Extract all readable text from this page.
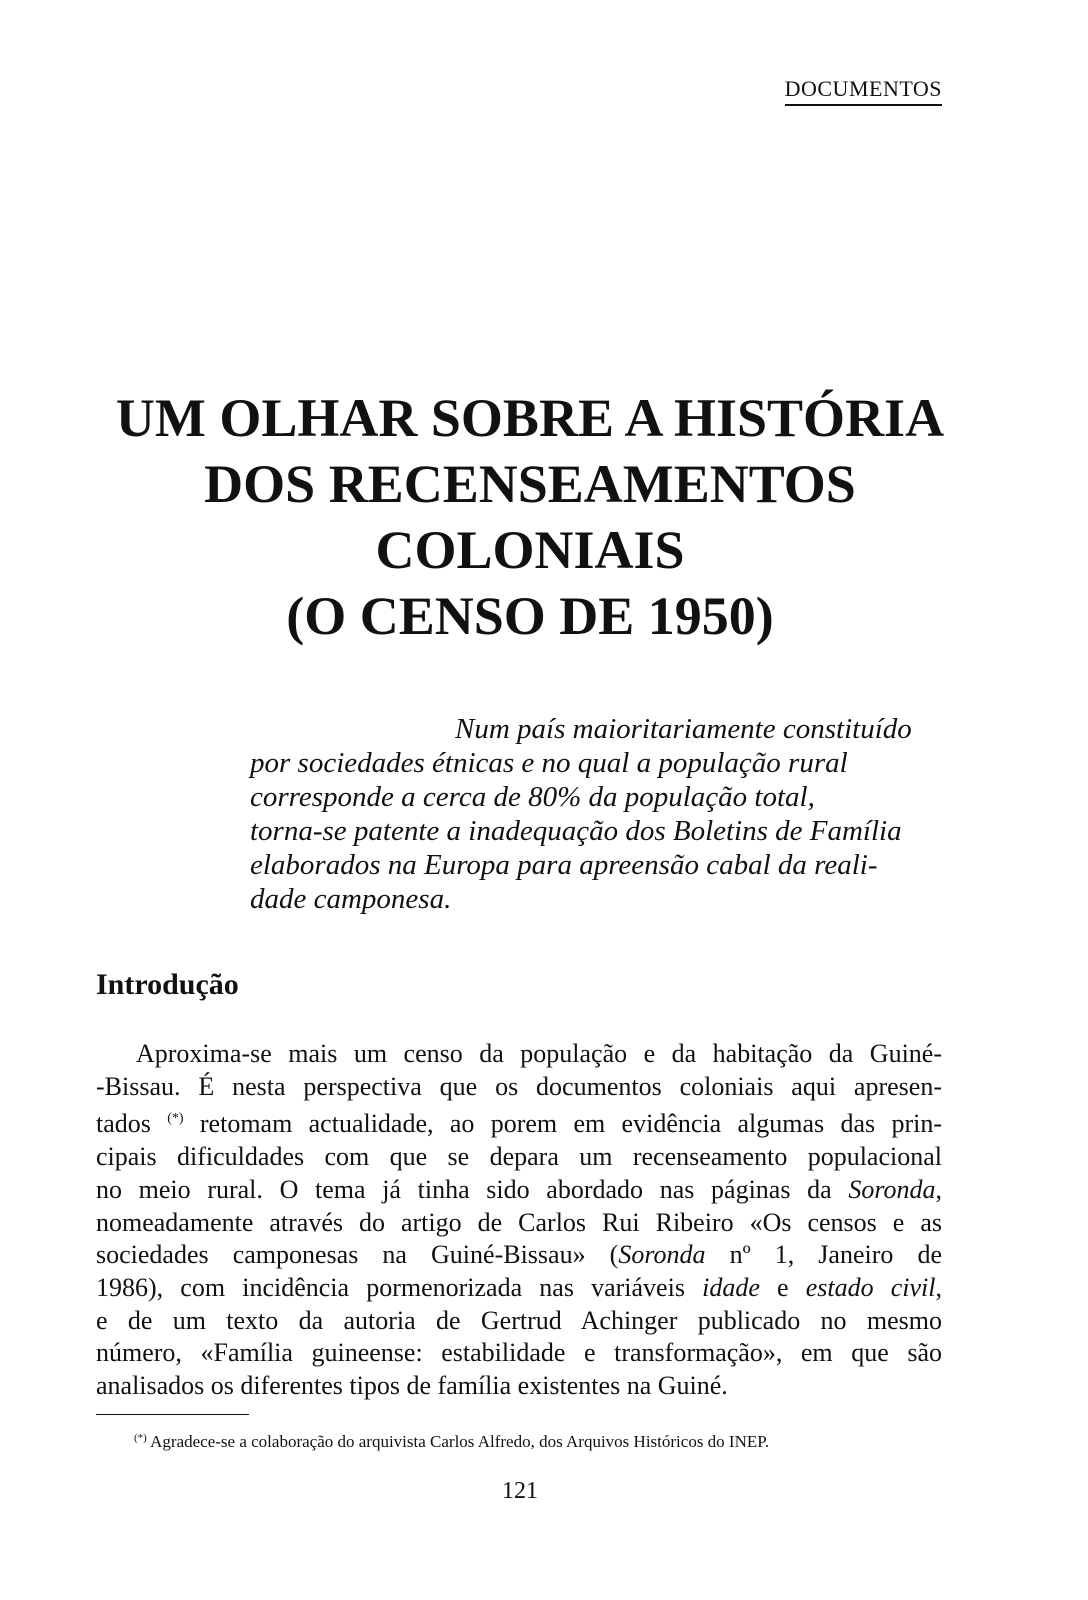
DOCUMENTOS
UM OLHAR SOBRE A HISTÓRIA
DOS RECENSEAMENTOS
COLONIAIS
(O CENSO DE 1950)

Num país maioritariamente constituído
por sociedades étnicas e no qual a população rural
corresponde a cerca de 80% da população total,
torna-se patente a inadequação dos Boletins de Família
elaborados na Europa para apreensão cabal da reali-
dade camponesa.

Introdução

Aproxima-se mais um censo da população e da habitação da Guiné-
-Bissau. É nesta perspectiva que os documentos coloniais aqui apresen-
tados (*) retomam actualidade, ao porem em evidência algumas das prin-
cipais dificuldades com que se depara um recenseamento populacional
no meio rural. O tema já tinha sido abordado nas páginas da Soronda,
nomeadamente através do artigo de Carlos Rui Ribeiro «Os censos e as
sociedades camponesas na Guiné-Bissau» (Soronda nº 1, Janeiro de
1986), com incidência pormenorizada nas variáveis idade e estado civil,
e de um texto da autoria de Gertrud Achinger publicado no mesmo
número, «Família guineense: estabilidade e transformação», em que são
analisados os diferentes tipos de família existentes na Guiné.

(*) Agradece-se a colaboração do arquivista Carlos Alfredo, dos Arquivos Históricos do INEP.

121
